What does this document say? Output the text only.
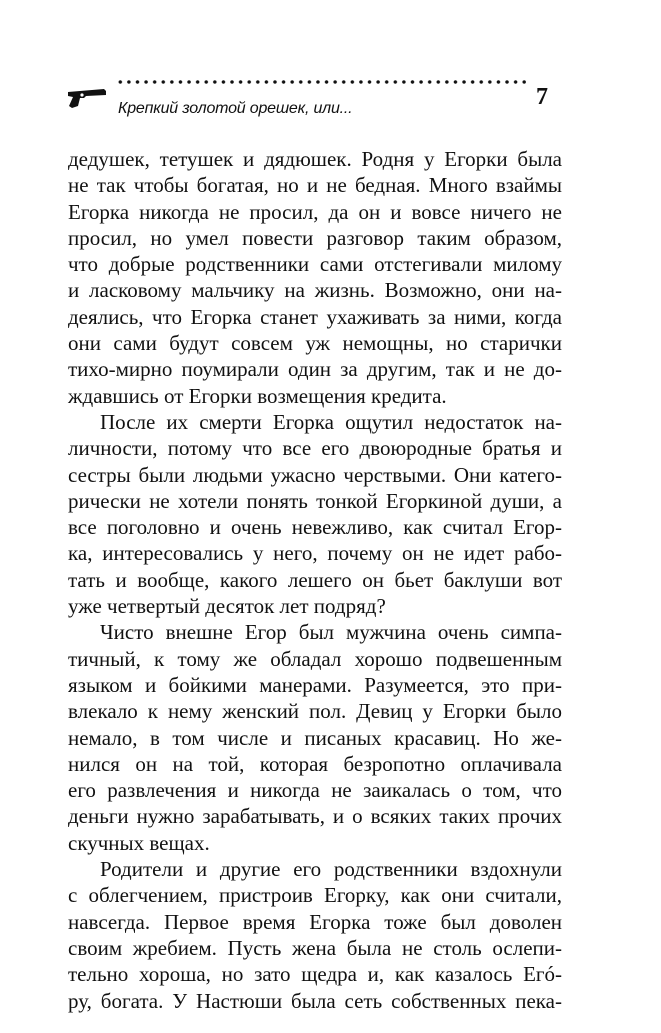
Крепкий золотой орешек, или...	7
дедушек, тетушек и дядюшек. Родня у Егорки была
не так чтобы богатая, но и не бедная. Много взаймы
Егорка никогда не просил, да он и вовсе ничего не
просил, но умел повести разговор таким образом,
что добрые родственники сами отстегивали милому
и ласковому мальчику на жизнь. Возможно, они на-
деялись, что Егорка станет ухаживать за ними, когда
они сами будут совсем уж немощны, но старички
тихо-мирно поумирали один за другим, так и не до-
ждавшись от Егорки возмещения кредита.
После их смерти Егорка ощутил недостаток на-
личности, потому что все его двоюродные братья и
сестры были людьми ужасно черствыми. Они катего-
рически не хотели понять тонкой Егоркиной души, а
все поголовно и очень невежливо, как считал Егор-
ка, интересовались у него, почему он не идет рабо-
тать и вообще, какого лешего он бьет баклуши вот
уже четвертый десяток лет подряд?
Чисто внешне Егор был мужчина очень симпа-
тичный, к тому же обладал хорошо подвешенным
языком и бойкими манерами. Разумеется, это при-
влекало к нему женский пол. Девиц у Егорки было
немало, в том числе и писаных красавиц. Но же-
нился он на той, которая безропотно оплачивала
его развлечения и никогда не заикалась о том, что
деньги нужно зарабатывать, и о всяких таких прочих
скучных вещах.
Родители и другие его родственники вздохнули
с облегчением, пристроив Егорку, как они считали,
навсегда. Первое время Егорка тоже был доволен
своим жребием. Пусть жена была не столь ослепи-
тельно хороша, но зато щедра и, как казалось Егó-
ру, богата. У Настюши была сеть собственных пека-
